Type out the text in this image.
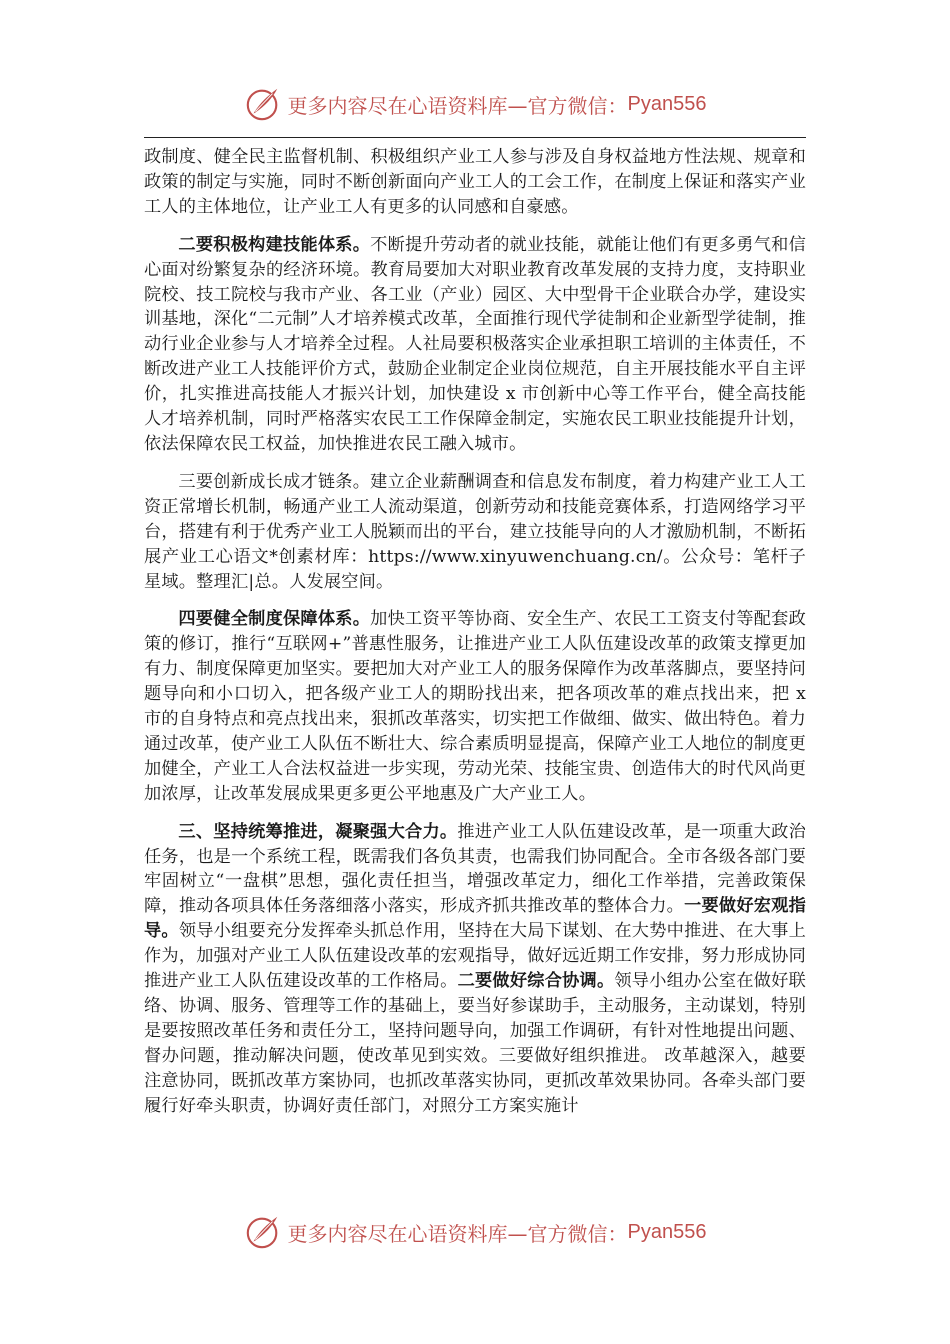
更多内容尽在心语资料库—官方微信： Pyan556

政制度、健全民主监督机制、积极组织产业工人参与涉及自身权益地方性法规、规章和政策的制定与实施，同时不断创新面向产业工人的工会工作，在制度上保证和落实产业工人的主体地位，让产业工人有更多的认同感和自豪感。

二要积极构建技能体系。不断提升劳动者的就业技能，就能让他们有更多勇气和信心面对纷繁复杂的经济环境。教育局要加大对职业教育改革发展的支持力度，支持职业院校、技工院校与我市产业、各工业（产业）园区、大中型骨干企业联合办学，建设实训基地，深化“二元制”人才培养模式改革，全面推行现代学徒制和企业新型学徒制，推动行业企业参与人才培养全过程。人社局要积极落实企业承担职工培训的主体责任，不断改进产业工人技能评价方式，鼓励企业制定企业岗位规范，自主开展技能水平自主评价，扎实推进高技能人才振兴计划，加快建设 x 市创新中心等工作平台，健全高技能人才培养机制，同时严格落实农民工工作保障金制定，实施农民工职业技能提升计划，依法保障农民工权益，加快推进农民工融入城市。

三要创新成长成才链条。建立企业薪酬调查和信息发布制度，着力构建产业工人工资正常增长机制，畅通产业工人流动渠道，创新劳动和技能竞赛体系，打造网络学习平台，搭建有利于优秀产业工人脱颖而出的平台，建立技能导向的人才激励机制，不断拓展产业工心语文*创素材库：https://www.xinyuwenchuang.cn/。公众号：笔杆子星域。整理汇|总。人发展空间。

四要健全制度保障体系。加快工资平等协商、安全生产、农民工工资支付等配套政策的修订，推行“互联网+”普惠性服务，让推进产业工人队伍建设改革的政策支撑更加有力、制度保障更加坚实。要把加大对产业工人的服务保障作为改革落脚点，要坚持问题导向和小口切入，把各级产业工人的期盼找出来，把各项改革的难点找出来，把 x 市的自身特点和亮点找出来，狠抓改革落实，切实把工作做细、做实、做出特色。着力通过改革，使产业工人队伍不断壮大、综合素质明显提高，保障产业工人地位的制度更加健全，产业工人合法权益进一步实现，劳动光荣、技能宝贵、创造伟大的时代风尚更加浓厚，让改革发展成果更多更公平地惠及广大产业工人。

三、坚持统筹推进，凝聚强大合力。推进产业工人队伍建设改革，是一项重大政治任务，也是一个系统工程，既需我们各负其责，也需我们协同配合。全市各级各部门要牢固树立“一盘棋”思想，强化责任担当，增强改革定力，细化工作举措，完善政策保障，推动各项具体任务落细落小落实，形成齐抓共推改革的整体合力。一要做好宏观指导。领导小组要充分发挥牵头抓总作用，坚持在大局下谋划、在大势中推进、在大事上作为，加强对产业工人队伍建设改革的宏观指导，做好远近期工作安排，努力形成协同推进产业工人队伍建设改革的工作格局。二要做好综合协调。领导小组办公室在做好联络、协调、服务、管理等工作的基础上，要当好参谋助手，主动服务，主动谋划，特别是要按照改革任务和责任分工，坚持问题导向，加强工作调研，有针对性地提出问题、督办问题，推动解决问题，使改革见到实效。三要做好组织推进。 改革越深入，越要注意协同，既抓改革方案协同，也抓改革落实协同，更抓改革效果协同。各牵头部门要履行好牵头职责，协调好责任部门，对照分工方案实施计

更多内容尽在心语资料库—官方微信： Pyan556
